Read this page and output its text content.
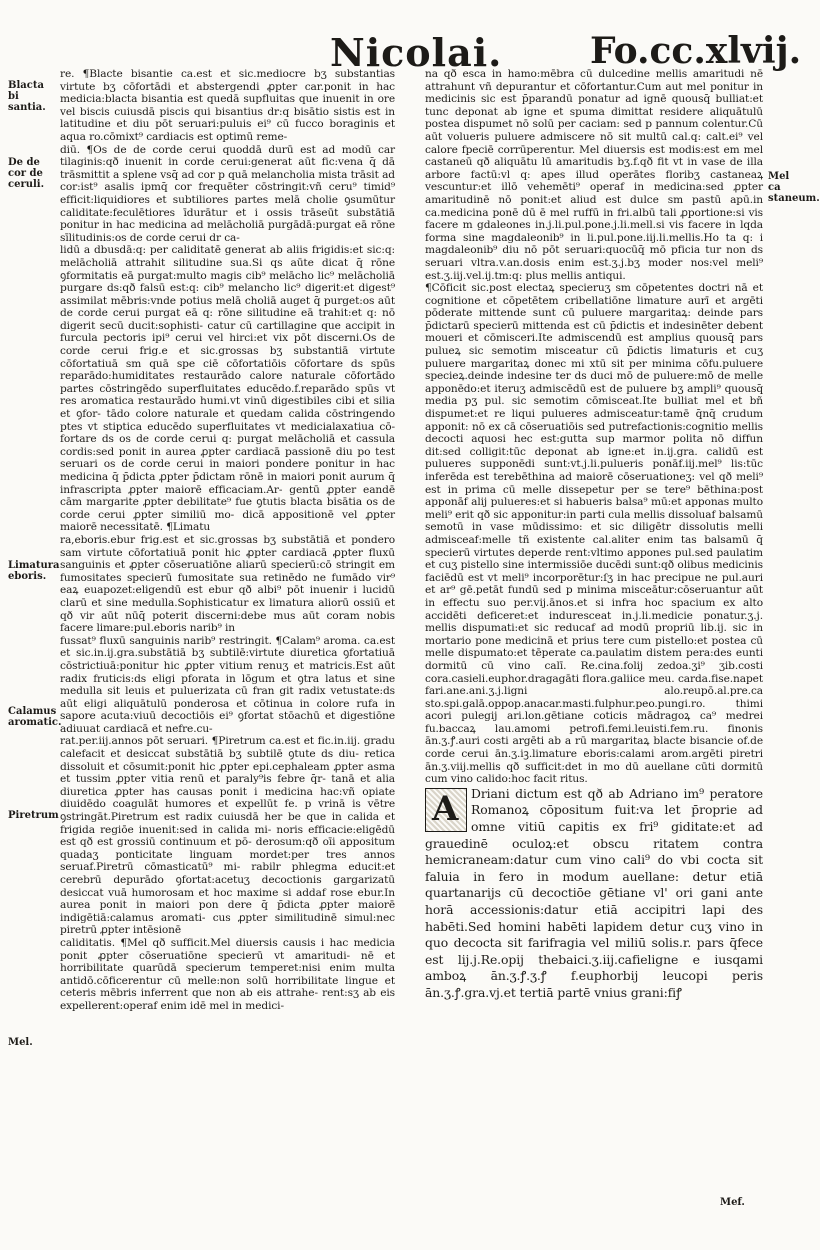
Nicolai. Fo.cc.xlvij.
Blacta bi santia.
De de cor de ceruli.
Limatura eboris.
Calamus aromatic.
Piretrum
Mel.
Mel ca staneum.

re. ¶Blacte bisantie ca.est et sic.mediocre bʒ substantias virtute bʒ cōfortādi et abstergendi ꝓpter car.ponit in hac medicia:blacta bisantia est quedā supfluitas que inuenit in ore vel biscis cuiusdā piscis qui bisantius dr:q bisātio sistis est in latitudine et diu pōt seruari:puluis ei⁹ cū fucco boraginis et aqua ro.cōmixt⁹ cardiacis est optimū reme-

diū. ¶Os de de corde cerui quoddā durū est ad modū car tilaginis:qð inuenit in corde cerui:generat aūt fic:vena q̄ dā trāsmittit a splene vsq̄ ad cor p quā melancholia mista trāsit ad cor:ist⁹ asalis ipmq̄ cor frequēter cōstringit:vñ ceru⁹ timid⁹ efficit:liquidiores et subtiliores partes melā cholie ꝯsumūtur caliditate:feculētiores īdurātur et i ossis trāseūt substātiā ponitur in hac medicina ad melācholiā purgādā:purgat eā rōne sīlitudinis:os de corde cerui dr ca-

lidū a dbusdā:q: per caliditatē generat ab aliis frigidis:et sic:q: melācholiā attrahit silitudine sua.Si qs aūte dicat q̄ rōne ꝯformitatis eā purgat:multo magis cib⁹ melācho lic⁹ melācholiā purgare ds:qð falsū est:q: cib⁹ melancho lic⁹ digerit:et digest⁹ assimilat mēbris:vnde potius melā choliā auget q̄ purget:os aūt de corde cerui purgat eā q: rōne silitudine eā trahit:et q: nō digerit secū ducit:sophisti- catur cū cartillagine que accipit in furcula pectoris ipi⁹ cerui vel hirci:et vix pōt discerni.Os de corde cerui frig.e et sic.grossas bʒ substantiā virtute cōfortatiuā sm quā spe ciē cōfortatiōis cōfortare ds spūs reparādo:humiditates restaurādo calore naturale cōfortādo partes cōstringēdo superfluitates educēdo.f.reparādo spūs vt res aromatica restaurādo humi.vt vinū digestibiles cibi et silia et ꝯfor- tādo colore naturale et quedam calida cōstringendo ptes vt stiptica educēdo superfluitates vt medicialaxatiua cō- fortare ds os de corde cerui q: purgat melācholiā et cassula cordis:sed ponit in aurea ꝓpter cardiacā passionē diu po test seruari os de corde cerui in maiori pondere ponitur in hac medicina q̄ p̄dicta ꝓpter p̄dictam rōnē in maiori ponit aurum q̄ infrascripta ꝓpter maiorē efficaciam.Ar- gentū ꝓpter eandē cām margarite ꝓpter debilitate⁹ fue ꝯtutis blacta bisātia os de corde cerui ꝓpter similiū mo- dicā appositionē vel ꝓpter maiorē necessitatē. ¶Limatu

ra,eboris.ebur frig.est et sic.grossas bʒ substātiā et pondero sam virtute cōfortatiuā ponit hic ꝓpter cardiacā ꝓpter fluxū sanguinis et ꝓpter cōseruatiōne aliarū specierū:cō stringit em fumositates specierū fumositate sua retinēdo ne fumādo vir⁹ eaꝝ euapozet:eligendū est ebur qð albi⁹ pōt inuenir i lucidū clarū et sine medulla.Sophisticatur ex limatura aliorū ossiū et qð vir aūt nūq̄ poterit discerni:debe mus aūt coram nobis facere limare:pul.eboris narib⁹ in

fussat⁹ fluxū sanguinis narib⁹ restringit. ¶Calam⁹ aroma. ca.est et sic.in.ij.gra.substātiā bʒ subtilē:virtute diuretica ꝯfortatiuā cōstrictiuā:ponitur hic ꝓpter vitium renuʒ et matricis.Est aūt radix fruticis:ds eligi pforata in lōgum et ꝯtra latus et sine medulla sit leuis et puluerizata cū fran git radix vetustate:ds aūt eligi aliquātulū ponderosa et cōtinua in colore rufa in sapore acuta:viuū decoctiōis ei⁹ ꝯfortat stōachū et digestiōne adiuuat cardiacā et nefre.cu-

rat.per.iij.annos pōt seruari. ¶Piretrum ca.est et fic.in.iij. gradu calefacit et desiccat substātiā bʒ subtilē ꝯtute ds diu- retica dissoluit et cōsumit:ponit hic ꝓpter epi.cephaleam ꝓpter asma et tussim ꝓpter vitia renū et paraly⁹is febre q̄r- tanā et alia diuretica ꝓpter has causas ponit i medicina hac:vñ opiate diuidēdo coagulāt humores et expellūt fe. p vrinā is vētre ꝯstringāt.Piretrum est radix cuiusdā her be que in calida et frigida regiōe inuenit:sed in calida mi- noris efficacie:eligēdū est qð est grossiū continuum et pō- derosum:qð oīi appositum quadaʒ ponticitate linguam mordet:per tres annos seruaf.Piretrū cōmasticatū⁹ mi- rabilr phlegma educit:et cerebrū depurādo ꝯfortat:acetuʒ decoctionis gargarizatū desiccat vuā humorosam et hoc maxime si addaf rose ebur.In aurea ponit in maiori pon dere q̄ p̄dicta ꝓpter maiorē indigētiā:calamus aromati- cus ꝓpter similitudinē simul:nec piretrū ꝓpter intēsionē

caliditatis. ¶Mel qð sufficit.Mel diuersis causis i hac medicia ponit ꝓpter cōseruatiōne specierū vt amaritudi- nē et horribilitate quarūdā specierum temperet:nisi enim multa antidō.cōficerentur cū melle:non solū horribilitate lingue et ceteris mēbris inferrent que non ab eis attrahe- rent:sʒ ab eis expellerent:operaf enim idē mel in medici-

na qð esca in hamo:mēbra cū dulcedine mellis amaritudi nē attrahunt vñ depurantur et cōfortantur.Cum aut mel ponitur in medicinis sic est p̄parandū ponatur ad ignē quousq̄ bulliat:et tunc deponat ab igne et spuma dimittat residere aliquātulū postea dispumet nō solū per caciam: sed p pannum colentur.Cū aūt volueris puluere admiscere nō sit multū cal.q: calt.ei⁹ vel calore fpeciē corrūperentur. Mel diuersis est modis:est em mel castaneū qð aliquātu lū amaritudis bʒ.f.qð fit vt in vase de illa arbore factū:vl q: apes illud operātes floribʒ castaneaꝝ vescuntur:et illō vehemēti⁹ operaf in medicina:sed ꝓpter amaritudinē nō ponit:et aliud est dulce sm pastū apū.in ca.medicina ponē dū ē mel ruffū in fri.albū tali ꝓportione:si vis facere m gdaleones in.j.li.pul.pone.j.li.mell.si vis facere in lqda forma sine magdaleonib⁹ in li.pul.pone.iij.li.mellis.Ho ta q: i magdaleonib⁹ diu nō pōt seruari:quocūq̄ mō pficia tur non ds seruari vltra.v.an.dosis enim est.ʒ.j.bʒ moder nos:vel meli⁹ est.ʒ.iij.vel.ij.tm:q: plus mellis antiqui.

¶Cōficit sic.post electaꝝ specieruʒ sm cōpetentes doctri nā et cognitione et cōpetētem cribellatiōne limature aurī et argēti pōderate mittende sunt cū puluere margaritaꝝ: deinde pars p̄dictarū specierū mittenda est cū p̄dictis et indesinēter debent moueri et cōmisceri.Ite admiscendū est amplius quousq̄ pars pulueꝝ sic semotim misceatur cū p̄dictis limaturis et cuʒ puluere margaritaꝝ donec mi xtū sit per minima cōfu.puluere specieꝝ.deinde indesine ter ds duci mō de puluere:mō de melle apponēdo:et iteruʒ admiscēdū est de puluere bʒ ampli⁹ quousq̄ media pʒ pul. sic semotim cōmisceat.Ite bulliat mel et bñ dispumet:et re liqui pulueres admisceatur:tamē q̄nq̄ crudum apponit: nō ex cā cōseruatiōis sed putrefactionis:cognitio mellis decocti aquosi hec est:gutta sup marmor polita nō diffun dit:sed colligit:tūc deponat ab igne:et in.ij.gra. calidū est pulueres supponēdi sunt:vt.j.li.pulueris ponāf.iij.mel⁹ lis:tūc inferēda est terebēthina ad maiorē cōseruationeʒ: vel qð meli⁹ est in prima cū melle dissepetur per se tere⁹ bēthina:post apponāf alij pulueres:et si habueris balsa⁹ mū:et apponas multo meli⁹ erit qð sic apponitur:in parti cula mellis dissoluaf balsamū semotū in vase mūdissimo: et sic diligētr dissolutis melli admisceaf:melle tñ existente cal.aliter enim tas balsamū q̄ specierū virtutes deperde rent:vltimo appones pul.sed paulatim et cuʒ pistello sine intermissiōe ducēdi sunt:qð olibus medicinis faciēdū est vt meli⁹ incorporētur:ſʒ in hac precipue ne pul.auri et ar⁹ gē.petāt fundū sed p minima misceātur:cōseruantur aūt in effectu suo per.vij.ānos.et si infra hoc spacium ex alto accidēti deficeret:et induresceat in.j.li.medicie ponatur.ʒ.j. mellis dispumati:et sic reducaf ad modū propriū lib.ij. sic in mortario pone medicinā et prius tere cum pistello:et postea cū melle dispumato:et tēperate ca.paulatim distem pera:des eunti dormitū cū vino calī. Re.cina.folij zedoa.ʒi⁹ ʒib.costi cora.casieli.euphor.dragagāti flora.galiice meu. carda.fise.napet fari.ane.ani.ʒ.j.ligni alo.reupō.al.pre.ca sto.spi.galā.oppop.anacar.masti.fulphur.peo.pungi.ro. thimi acori pulegij ari.lon.gētiane coticis mādragoꝝ ca⁹ medrei fu.baccaꝝ lau.amomi petrofi.femi.leuisti.fem.ru. finonis ān.ʒ.ꝭ.auri costi argēti ab a rū margaritaꝝ blacte bisancie of.de corde cerui ān.ʒ.iꝫ.limature eboris:calami arom.argēti piretri ān.ʒ.viij.mellis qð sufficit:det in mo dū auellane cūti dormitū cum vino calido:hoc facit ritus.

A	Driani dictum est qð ab Adriano im⁹ peratore Romanoꝝ cōpositum fuit:va let p̄roprie ad omne vitiū capitis ex fri⁹ giditate:et ad grauedinē oculoꝝ:et obscu ritatem contra hemicraneam:datur cum vino cali⁹ do vbi cocta sit faluia in fero in modum auellane: detur etiā quartanarijs cū decoctiōe gētiane vl' ori gani ante horā accessionis:datur etiā accipitri lapi des habēti.Sed homini habēti lapidem detur cuʒ vino in quo decocta sit farifragia vel miliū solis.r. pars q̄fece est lij.j.Re.opij thebaici.ʒ.iij.cafieligne e iusqami amboꝝ ān.ʒ.ꝭ.ʒ.ꝭ f.euphorbij leucopi peris ān.ʒ.ꝭ.gra.vj.et tertiā partē vnius grani:fiꝭ

Mef.
